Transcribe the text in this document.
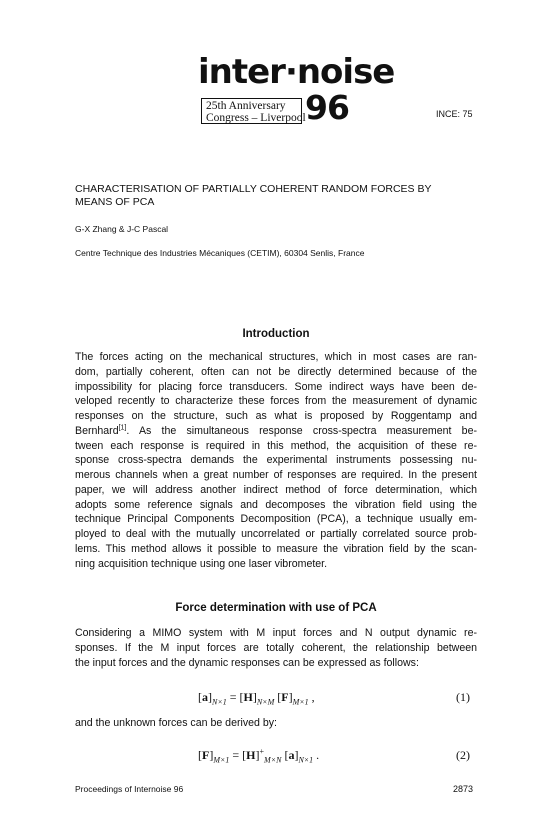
inter·noise
25th Anniversary
Congress – Liverpool 96	INCE: 75
CHARACTERISATION OF PARTIALLY COHERENT RANDOM FORCES BY
MEANS OF PCA
G-X Zhang & J-C Pascal
Centre Technique des Industries Mécaniques (CETIM), 60304 Senlis, France
Introduction
The forces acting on the mechanical structures, which in most cases are ran-
dom, partially coherent, often can not be directly determined because of the
impossibility for placing force transducers. Some indirect ways have been de-
veloped recently to characterize these forces from the measurement of dynamic
responses on the structure, such as what is proposed by Roggentamp and
Bernhard[1]. As the simultaneous response cross-spectra measurement be-
tween each response is required in this method, the acquisition of these re-
sponse cross-spectra demands the experimental instruments possessing nu-
merous channels when a great number of responses are required. In the present
paper, we will address another indirect method of force determination, which
adopts some reference signals and decomposes the vibration field using the
technique Principal Components Decomposition (PCA), a technique usually em-
ployed to deal with the mutually uncorrelated or partially correlated source prob-
lems. This method allows it possible to measure the vibration field by the scan-
ning acquisition technique using one laser vibrometer.
Force determination with use of PCA
Considering a MIMO system with M input forces and N output dynamic re-
sponses. If the M input forces are totally coherent, the relationship between
the input forces and the dynamic responses can be expressed as follows:
$[a]_{N\times 1} = [H]_{N\times M}$ $[F]_{M\times 1}$ ,	(1)
and the unknown forces can be derived by:
$[F]_{M\times 1} = [H]^+_{M\times N}$ $[a]_{N\times 1}$ .	(2)
Proceedings of Internoise 96	2873
